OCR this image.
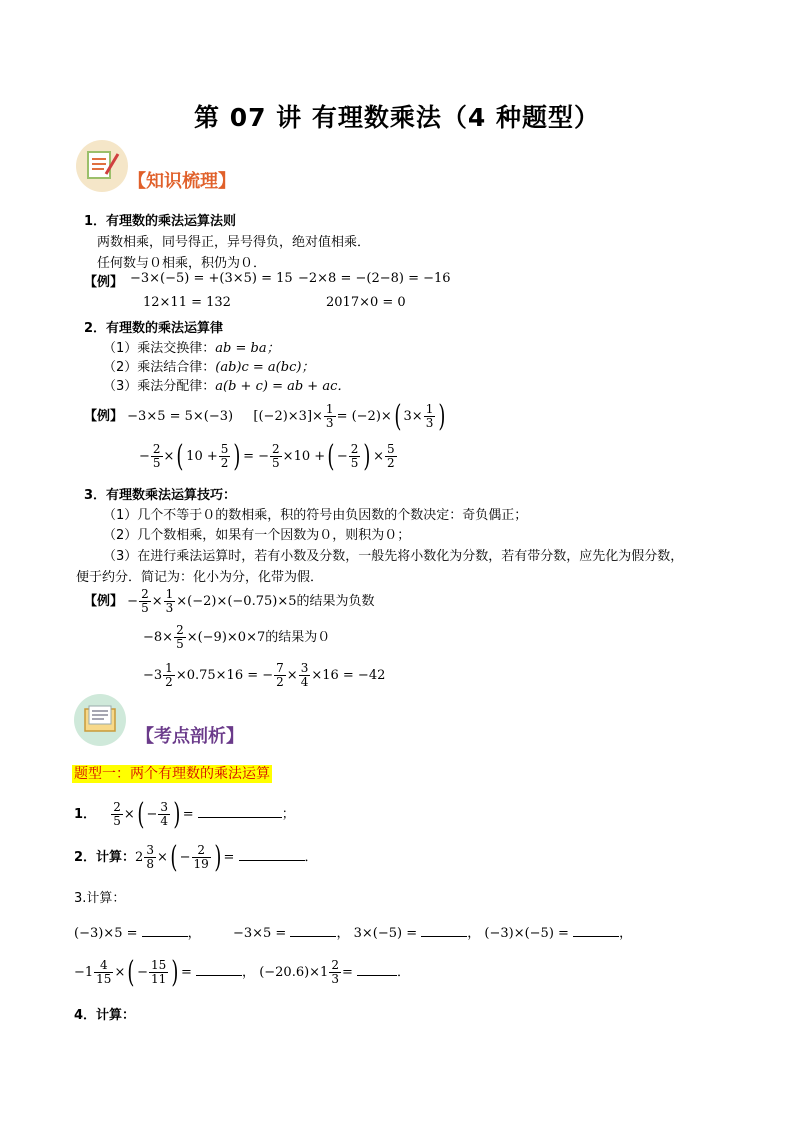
第 07 讲 有理数乘法（4 种题型）
【知识梳理】
1．有理数的乘法运算法则
两数相乘，同号得正，异号得负，绝对值相乘．
任何数与０相乘，积仍为０．
【例】 −3×(−5) = +(3×5) = 15 −2×8 = −(2−8) = −16
12×11 = 132	2017×0 = 0
2．有理数的乘法运算律
（1）乘法交换律：ab = ba；
（2）乘法结合律：(ab)c = a(bc)；
（3）乘法分配律：a(b + c) = ab + ac．
【例】 −3×5 = 5×(−3) $[(-2)\times 3]\times \frac{1}{3} = (-2)\times$( $3\times \frac{1}{3}$ )
− $\frac{2}{5}$ ×( $10 + \frac{5}{2}$ ) = − $\frac{2}{5} \times 10$ +( − $\frac{2}{5}$ ) × $\frac{5}{2}$
3．有理数乘法运算技巧：
（1）几个不等于０的数相乘，积的符号由负因数的个数决定：奇负偶正；
（2）几个数相乘，如果有一个因数为０，则积为０；
（3）在进行乘法运算时，若有小数及分数，一般先将小数化为分数，若有带分数，应先化为假分数，
便于约分．简记为：化小为分，化带为假．
【例】 − $\frac{2}{5} \times \frac{1}{3} \times(-2)\times(-0.75)\times 5$的结果为负数
$-8\times \frac{2}{5} \times(-9)\times 0\times 7$的结果为０
$-3 \frac{1}{2} \times 0.75\times 16$ = − $\frac{7}{2} \times \frac{3}{4} \times 16 = -42$
【考点剖析】
题型一：两个有理数的乘法运算
1． $\frac{2}{5}$ ×( − $\frac{3}{4}$ ) =	；
2．计算：$2 \frac{3}{8}$ ×( − $\frac{2}{19}$ ) =	．
3.计算：
(−3)×5 =	， −3×5 =	， 3×(−5) =	， (−3)×(−5) =	，
$-1 \frac{4}{15}$ ×( − $\frac{15}{11}$ ) =	， $(-20.6)\times 1 \frac{2}{3}$ =	．
4．计算：
